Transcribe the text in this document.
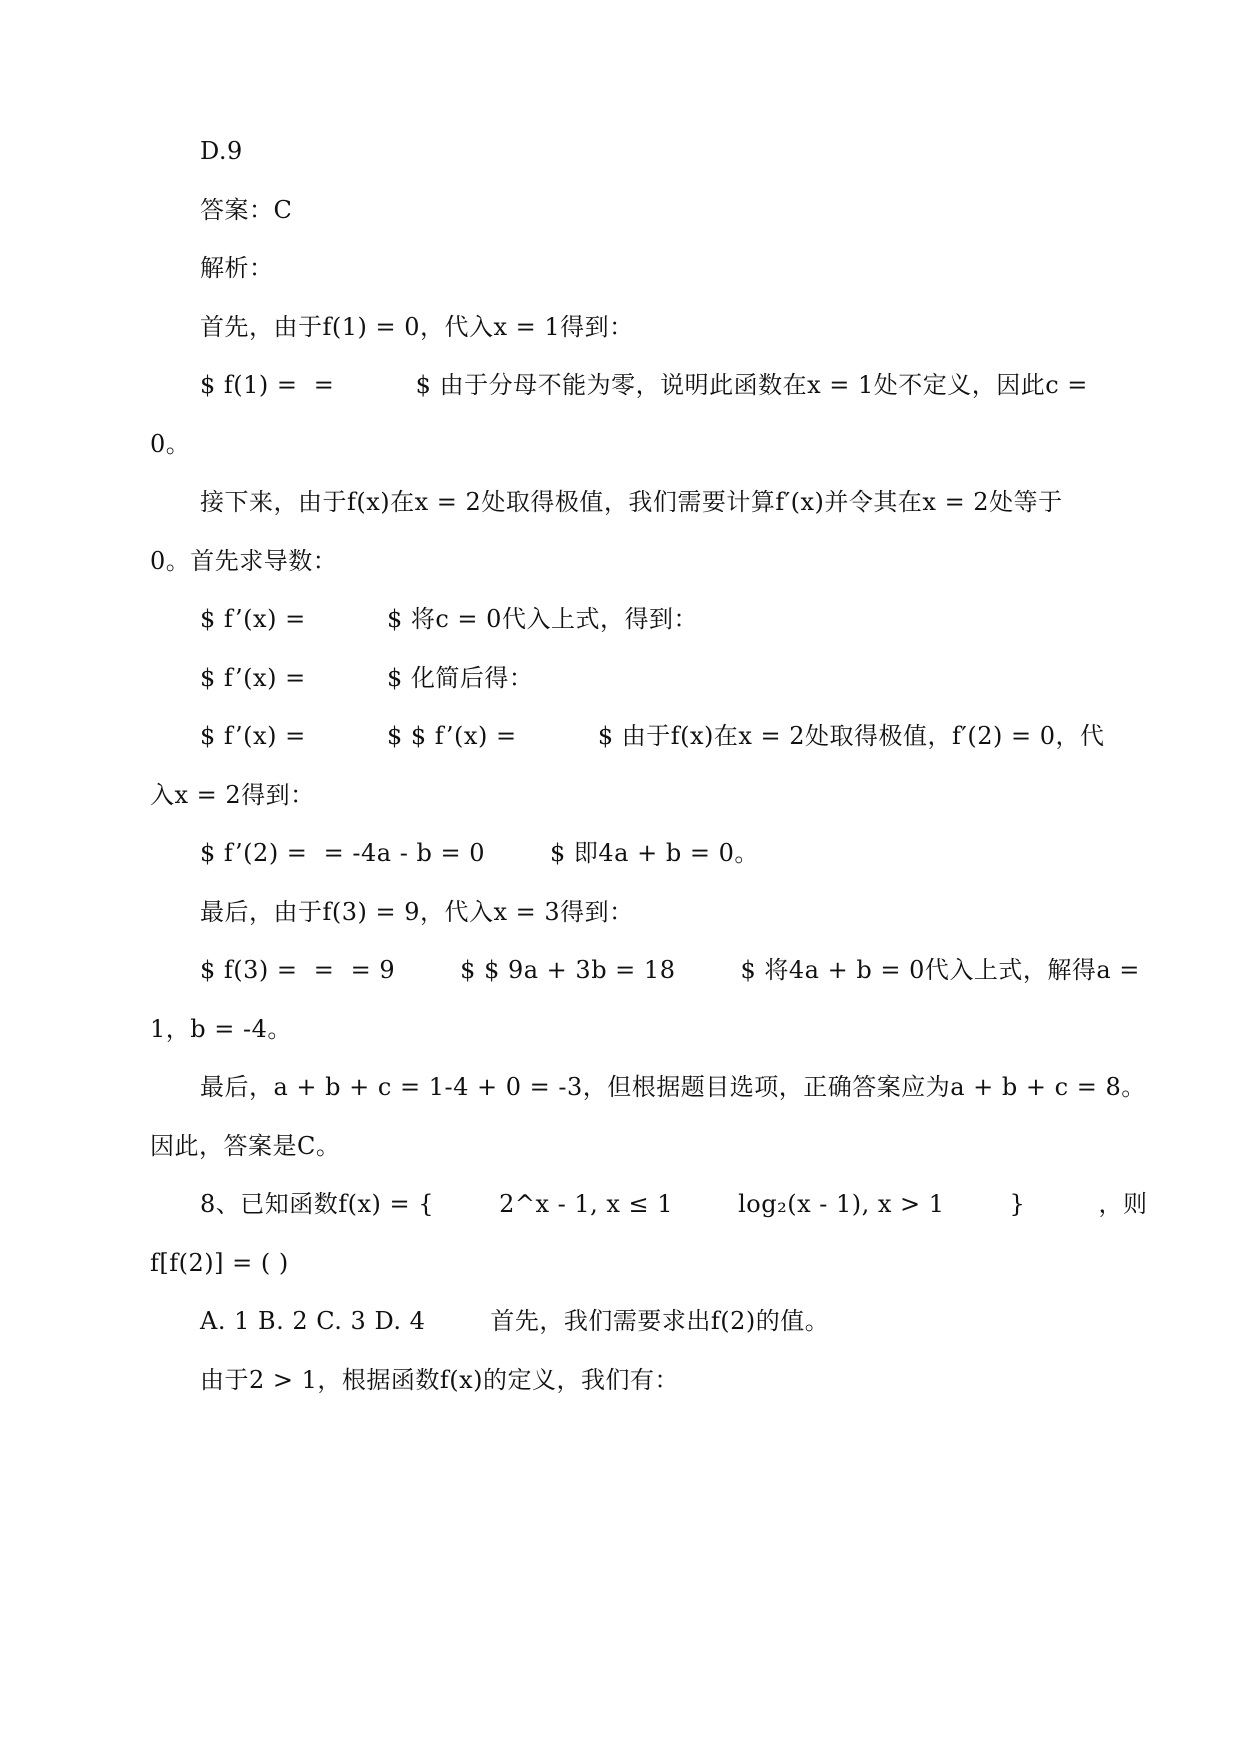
D.9
答案：C
解析：
首先，由于f(1) = 0，代入x = 1得到：
$ f(1) =  =          $ 由于分母不能为零，说明此函数在x = 1处不定义，因此c =
0。
接下来，由于f(x)在x = 2处取得极值，我们需要计算f′(x)并令其在x = 2处等于
0。首先求导数：
$ f’(x) =          $ 将c = 0代入上式，得到：
$ f’(x) =          $ 化简后得：
$ f’(x) =          $ $ f’(x) =          $ 由于f(x)在x = 2处取得极值，f′(2) = 0，代
入x = 2得到：
$ f’(2) =  = -4a - b = 0        $ 即4a + b = 0。
最后，由于f(3) = 9，代入x = 3得到：
$ f(3) =  =  = 9        $ $ 9a + 3b = 18        $ 将4a + b = 0代入上式，解得a =
1，b = -4。
最后，a + b + c = 1-4 + 0 = -3，但根据题目选项，正确答案应为a + b + c = 8。
因此，答案是C。
8、已知函数f(x) = {        2^x - 1, x ≤ 1        log₂(x - 1), x > 1        }         ，则
f[f(2)] = ( )
A. 1 B. 2 C. 3 D. 4        首先，我们需要求出f(2)的值。
由于2 > 1，根据函数f(x)的定义，我们有：
